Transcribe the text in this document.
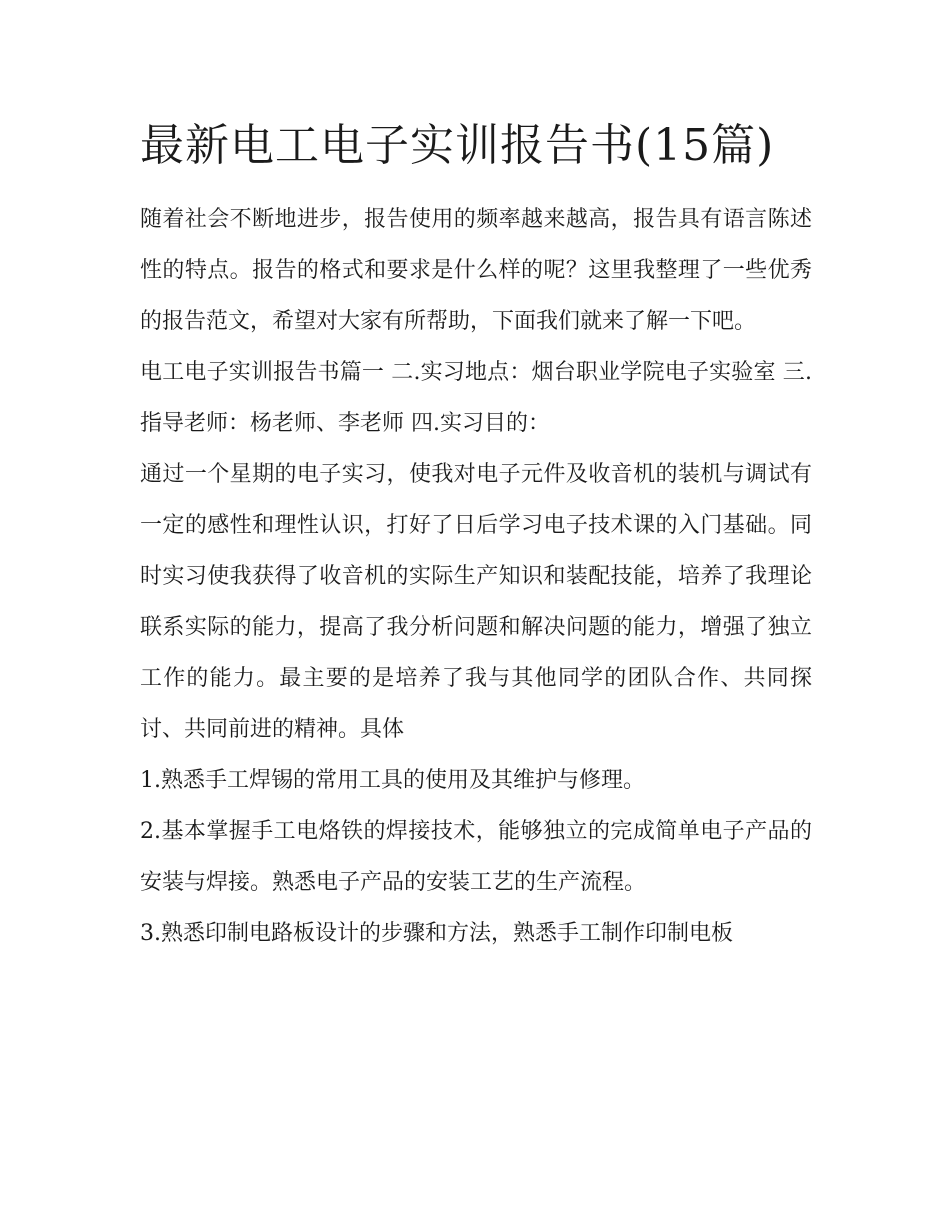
最新电工电子实训报告书(15篇)

随着社会不断地进步，报告使用的频率越来越高，报告具有语言陈述性的特点。报告的格式和要求是什么样的呢？这里我整理了一些优秀的报告范文，希望对大家有所帮助，下面我们就来了解一下吧。

电工电子实训报告书篇一 二.实习地点：烟台职业学院电子实验室 三.指导老师：杨老师、李老师 四.实习目的：

通过一个星期的电子实习，使我对电子元件及收音机的装机与调试有一定的感性和理性认识，打好了日后学习电子技术课的入门基础。同时实习使我获得了收音机的实际生产知识和装配技能，培养了我理论联系实际的能力，提高了我分析问题和解决问题的能力，增强了独立工作的能力。最主要的是培养了我与其他同学的团队合作、共同探讨、共同前进的精神。具体

1.熟悉手工焊锡的常用工具的使用及其维护与修理。

2.基本掌握手工电烙铁的焊接技术，能够独立的完成简单电子产品的安装与焊接。熟悉电子产品的安装工艺的生产流程。

3.熟悉印制电路板设计的步骤和方法，熟悉手工制作印制电板
